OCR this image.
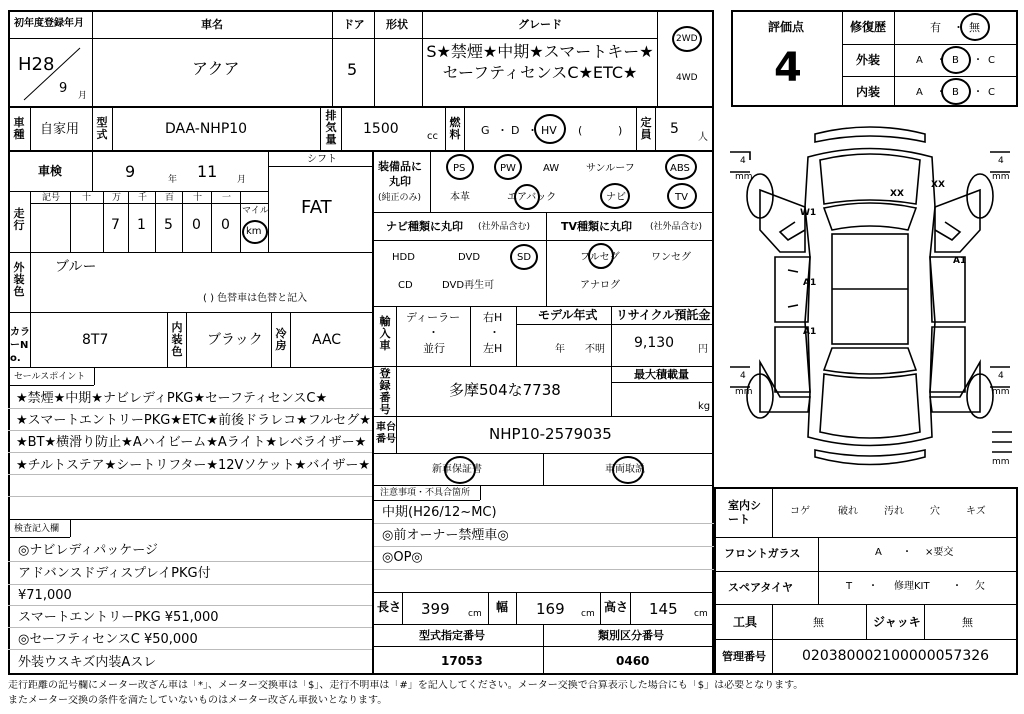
初年度登録年月
H28
9 月
車名
アクア
ドア
5
形状	グレード
S★禁煙★中期★スマートキー★セーフティセンスC★ETC★
2WD
4WD
車種 自家用 型式	DAA-NHP10
排気量
1500	cc
燃料 G ・ D ・ HV (	)
定員 5
人
車検	9	年 11 月
シフト
FAT
走行
記号 十 万 千 百 十 一
7 1 5 0 0
マイル
km
外装色
ブルー
( ) 色替車は色替と記入
カラーNo.
8T7
内装色
ブラック 冷房 AAC
セールスポイント
★禁煙★中期★ナビレディPKG★セーフティセンスC★
★スマートエントリーPKG★ETC★前後ドラレコ★フルセグ★
★BT★横滑り防止★Aハイビーム★Aライト★レベライザー★
★チルトステア★シートリフター★12Vソケット★バイザー★
検査記入欄
◎ナビレディパッケージ
アドバンスドディスプレイPKG付
¥71,000
スマートエントリーPKG ¥51,000
◎セーフティセンスC ¥50,000
外装ウスキズ内装Aスレ
装備品に
丸印
(純正のみ)
PS	PW	AW	サンルーフ	ABS
本革	エアバック	ナビ	TV
ナビ種類に丸印 (社外品含む)
HDD	DVD	SD
CD	DVD再生可
TV種類に丸印 (社外品含む)
フルセグ	ワンセグ
アナログ
輸入車
ディーラー
・
並行
右H
・
左H
モデル年式
年 不明
リサイクル預託金
9,130 円
登録番号
多摩504な7738
最大積載量
kg
車台番号	NHP10-2579035
新車保証書	車両取説
注意事項・不具合箇所
中期(H26/12~MC)
◎前オーナー禁煙車◎
◎OP◎
長さ 399 cm 幅 169 cm 高さ 145 cm
型式指定番号
17053
類別区分番号
0460
評価点
4
修復歴	有 ・ 無
外装	A ・ B ・ C
内装	A ・ B ・ C
4
mm
4
mm
4
mm
4
mm
mm
XX
XX
W1
A1
A1
A1
室内シート
コゲ	破れ	汚れ	穴	キズ
フロントガラス	A ・ ×要交
スペアタイヤ	T ・ 修理KIT ・ 欠
工具	無	ジャッキ	無
管理番号	020380002100000057326
走行距離の記号欄にメーター改ざん車は「*」、メーター交換車は「$」、走行不明車は「#」を記入してください。メーター交換で合算表示した場合にも「$」は必要となります。
またメーター交換の条件を満たしていないものはメーター改ざん車扱いとなります。
